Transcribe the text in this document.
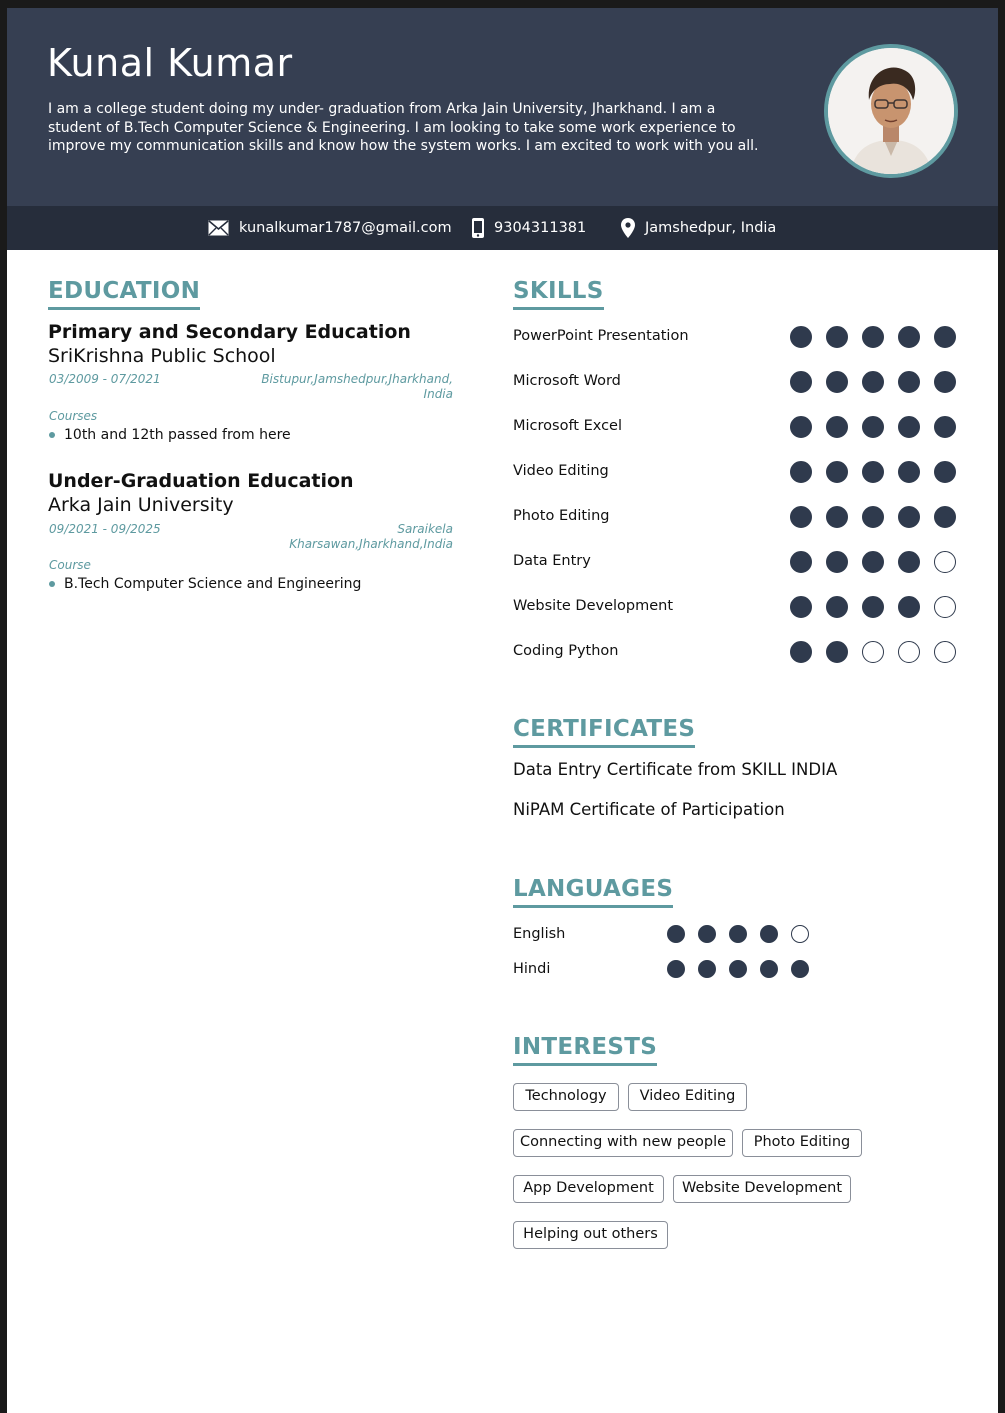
Kunal Kumar

I am a college student doing my under- graduation from Arka Jain University, Jharkhand. I am a student of B.Tech Computer Science & Engineering. I am looking to take some work experience to improve my communication skills and know how the system works. I am excited to work with you all.

kunalkumar1787@gmail.com	9304311381	Jamshedpur, India
EDUCATION
Primary and Secondary Education
SriKrishna Public School
03/2009 - 07/2021	Bistupur,Jamshedpur,Jharkhand,
India
Courses
10th and 12th passed from here
Under-Graduation Education
Arka Jain University
09/2021 - 09/2025	Saraikela
Kharsawan,Jharkhand,India
Course
B.Tech Computer Science and Engineering
SKILLS
PowerPoint Presentation
Microsoft Word
Microsoft Excel
Video Editing
Photo Editing
Data Entry
Website Development
Coding Python
CERTIFICATES
Data Entry Certificate from SKILL INDIA
NiPAM Certificate of Participation
LANGUAGES
English
Hindi
INTERESTS
Technology	Video Editing
Connecting with new people	Photo Editing
App Development	Website Development
Helping out others
